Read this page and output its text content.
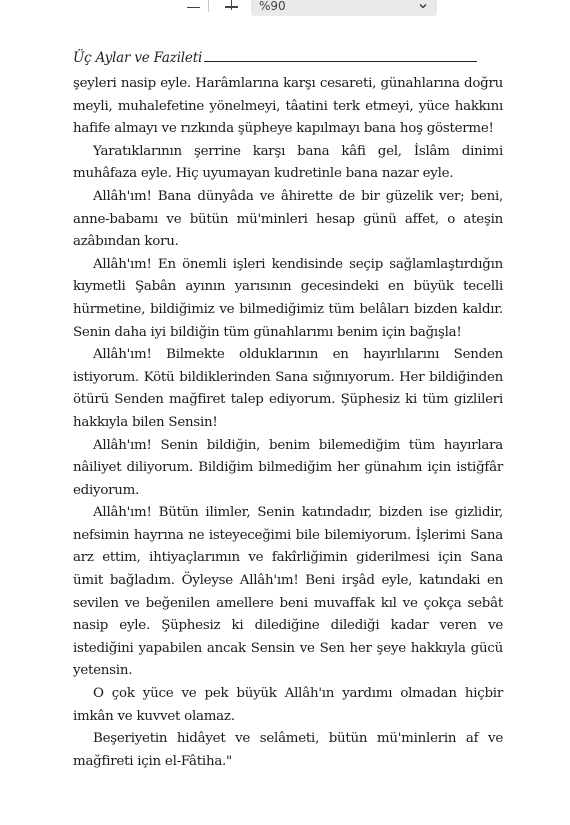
%90
Üç Aylar ve Fazileti

şeyleri nasip eyle. Harâmlarına karşı cesareti, günahlarına doğru meyli, muhalefetine yönelmeyi, tâatini terk etmeyi, yüce hakkını hafife almayı ve rızkında şüpheye kapılmayı bana hoş gösterme!

Yaratıklarının şerrine karşı bana kâfi gel, İslâm dinimi muhâfaza eyle. Hiç uyumayan kudretinle bana nazar eyle.

Allâh'ım! Bana dünyâda ve âhirette de bir güzelik ver; beni, anne-babamı ve bütün mü'minleri hesap günü affet, o ateşin azâbından koru.

Allâh'ım! En önemli işleri kendisinde seçip sağlamlaştırdığın kıymetli Şabân ayının yarısının gecesindeki en büyük tecelli hürmetine, bildiğimiz ve bilmediğimiz tüm belâları bizden kaldır. Senin daha iyi bildiğin tüm günahlarımı benim için bağışla!

Allâh'ım! Bilmekte olduklarının en hayırlılarını Senden istiyorum. Kötü bildiklerinden Sana sığınıyorum. Her bildiğinden ötürü Senden mağfiret talep ediyorum. Şüphesiz ki tüm gizlileri hakkıyla bilen Sensin!

Allâh'ım! Senin bildiğin, benim bilemediğim tüm hayırlara nâiliyet diliyorum. Bildiğim bilmediğim her günahım için istiğfâr ediyorum.

Allâh'ım! Bütün ilimler, Senin katındadır, bizden ise gizlidir, nefsimin hayrına ne isteyeceğimi bile bilemiyorum. İşlerimi Sana arz ettim, ihtiyaçlarımın ve fakîrliğimin giderilmesi için Sana ümit bağladım. Öyleyse Allâh'ım! Beni irşâd eyle, katındaki en sevilen ve beğenilen amellere beni muvaffak kıl ve çokça sebât nasip eyle. Şüphesiz ki dilediğine dilediği kadar veren ve istediğini yapabilen ancak Sensin ve Sen her şeye hakkıyla gücü yetensin.

O çok yüce ve pek büyük Allâh'ın yardımı olmadan hiçbir imkân ve kuvvet olamaz.

Beşeriyetin hidâyet ve selâmeti, bütün mü'minlerin af ve mağfireti için el-Fâtiha."
